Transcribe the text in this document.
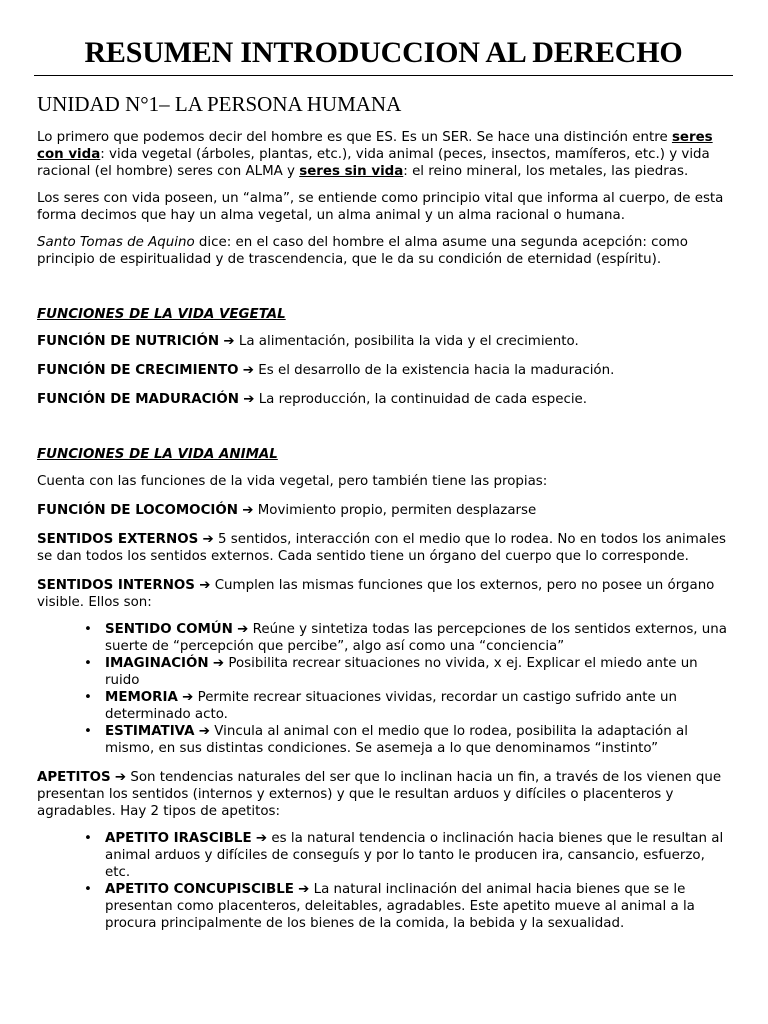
RESUMEN INTRODUCCION AL DERECHO
UNIDAD N°1– LA PERSONA HUMANA

Lo primero que podemos decir del hombre es que ES. Es un SER. Se hace una distinción entre seres con vida: vida vegetal (árboles, plantas, etc.), vida animal (peces, insectos, mamíferos, etc.) y vida racional (el hombre) seres con ALMA y seres sin vida: el reino mineral, los metales, las piedras.

Los seres con vida poseen, un “alma”, se entiende como principio vital que informa al cuerpo, de esta forma decimos que hay un alma vegetal, un alma animal y un alma racional o humana.

Santo Tomas de Aquino dice: en el caso del hombre el alma asume una segunda acepción: como principio de espiritualidad y de trascendencia, que le da su condición de eternidad (espíritu).

FUNCIONES DE LA VIDA VEGETAL

FUNCIÓN DE NUTRICIÓN ➔ La alimentación, posibilita la vida y el crecimiento.

FUNCIÓN DE CRECIMIENTO ➔ Es el desarrollo de la existencia hacia la maduración.

FUNCIÓN DE MADURACIÓN ➔ La reproducción, la continuidad de cada especie.

FUNCIONES DE LA VIDA ANIMAL

Cuenta con las funciones de la vida vegetal, pero también tiene las propias:

FUNCIÓN DE LOCOMOCIÓN ➔ Movimiento propio, permiten desplazarse

SENTIDOS EXTERNOS ➔ 5 sentidos, interacción con el medio que lo rodea. No en todos los animales se dan todos los sentidos externos. Cada sentido tiene un órgano del cuerpo que lo corresponde.

SENTIDOS INTERNOS ➔ Cumplen las mismas funciones que los externos, pero no posee un órgano visible. Ellos son:

• SENTIDO COMÚN ➔ Reúne y sintetiza todas las percepciones de los sentidos externos, una suerte de “percepción que percibe”, algo así como una “conciencia”
• IMAGINACIÓN ➔ Posibilita recrear situaciones no vivida, x ej. Explicar el miedo ante un ruido
• MEMORIA ➔ Permite recrear situaciones vividas, recordar un castigo sufrido ante un determinado acto.
• ESTIMATIVA ➔ Vincula al animal con el medio que lo rodea, posibilita la adaptación al mismo, en sus distintas condiciones. Se asemeja a lo que denominamos “instinto”

APETITOS ➔ Son tendencias naturales del ser que lo inclinan hacia un fin, a través de los vienen que presentan los sentidos (internos y externos) y que le resultan arduos y difíciles o placenteros y agradables. Hay 2 tipos de apetitos:

• APETITO IRASCIBLE ➔ es la natural tendencia o inclinación hacia bienes que le resultan al animal arduos y difíciles de conseguís y por lo tanto le producen ira, cansancio, esfuerzo, etc.
• APETITO CONCUPISCIBLE ➔ La natural inclinación del animal hacia bienes que se le presentan como placenteros, deleitables, agradables. Este apetito mueve al animal a la procura principalmente de los bienes de la comida, la bebida y la sexualidad.
